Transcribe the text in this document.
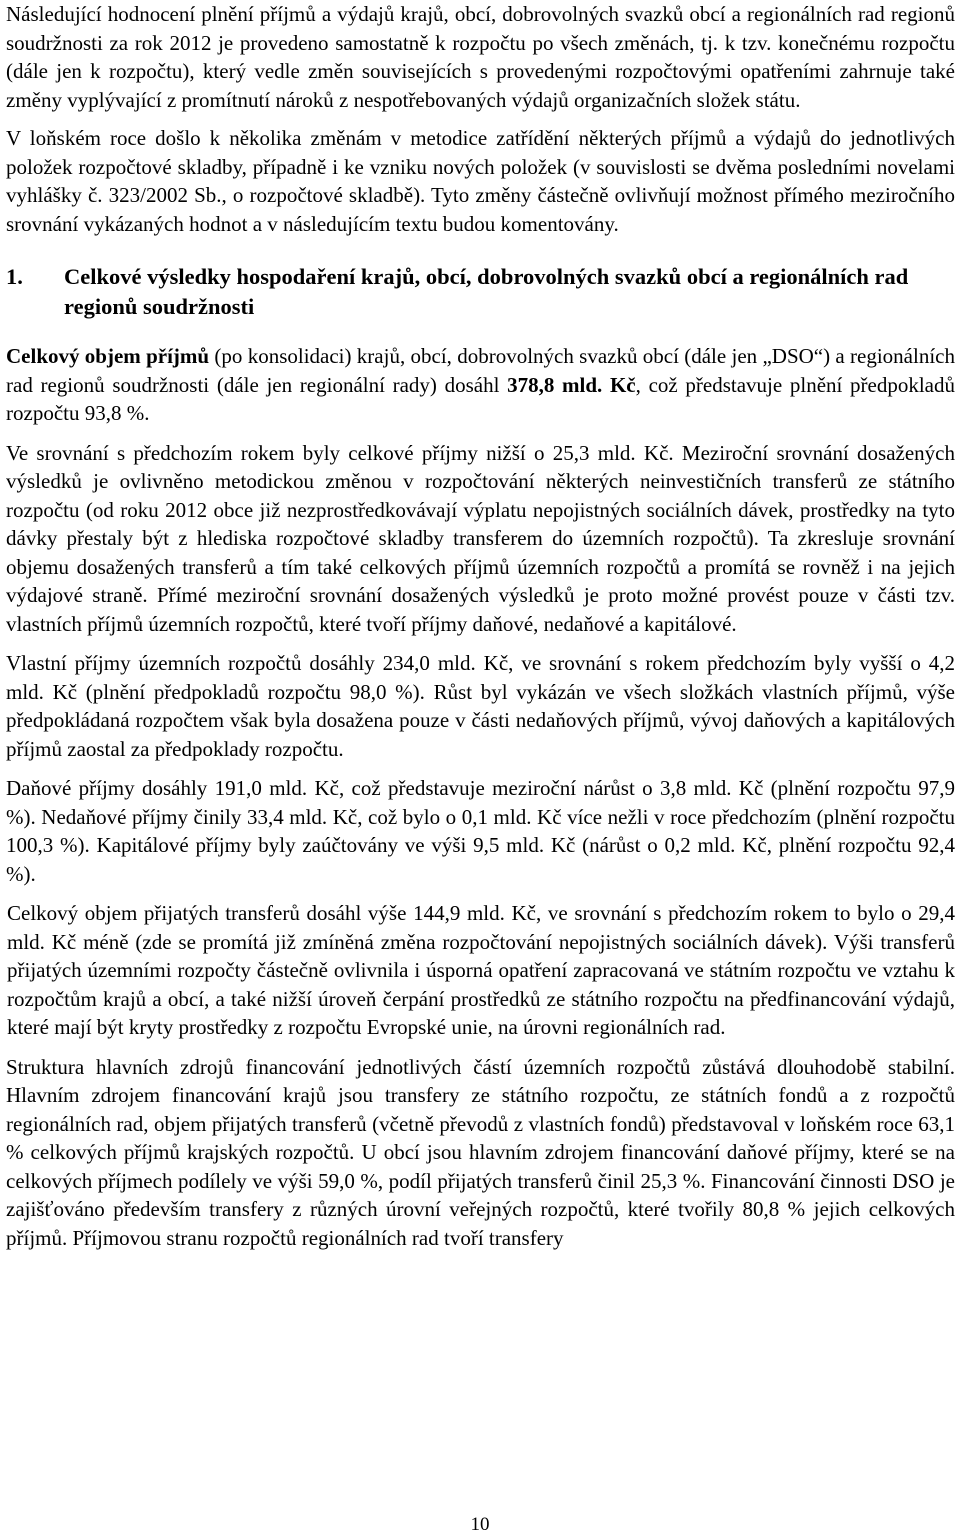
Následující hodnocení plnění příjmů a výdajů krajů, obcí, dobrovolných svazků obcí a regionálních rad regionů soudržnosti za rok 2012 je provedeno samostatně k rozpočtu po všech změnách, tj. k tzv. konečnému rozpočtu (dále jen k rozpočtu), který vedle změn souvisejících s provedenými rozpočtovými opatřeními zahrnuje také změny vyplývající z promítnutí nároků z nespotřebovaných výdajů organizačních složek státu.

V loňském roce došlo k několika změnám v metodice zatřídění některých příjmů a výdajů do jednotlivých položek rozpočtové skladby, případně i ke vzniku nových položek (v souvislosti se dvěma posledními novelami vyhlášky č. 323/2002 Sb., o rozpočtové skladbě). Tyto změny částečně ovlivňují možnost přímého meziročního srovnání vykázaných hodnot a v následujícím textu budou komentovány.

1.	Celkové výsledky hospodaření krajů, obcí, dobrovolných svazků obcí a regionálních rad regionů soudržnosti

Celkový objem příjmů (po konsolidaci) krajů, obcí, dobrovolných svazků obcí (dále jen „DSO“) a regionálních rad regionů soudržnosti (dále jen regionální rady) dosáhl 378,8 mld. Kč, což představuje plnění předpokladů rozpočtu 93,8 %.

Ve srovnání s předchozím rokem byly celkové příjmy nižší o 25,3 mld. Kč. Meziroční srovnání dosažených výsledků je ovlivněno metodickou změnou v rozpočtování některých neinvestičních transferů ze státního rozpočtu (od roku 2012 obce již nezprostředkovávají výplatu nepojistných sociálních dávek, prostředky na tyto dávky přestaly být z hlediska rozpočtové skladby transferem do územních rozpočtů). Ta zkresluje srovnání objemu dosažených transferů a tím také celkových příjmů územních rozpočtů a promítá se rovněž i na jejich výdajové straně. Přímé meziroční srovnání dosažených výsledků je proto možné provést pouze v části tzv. vlastních příjmů územních rozpočtů, které tvoří příjmy daňové, nedaňové a kapitálové.

Vlastní příjmy územních rozpočtů dosáhly 234,0 mld. Kč, ve srovnání s rokem předchozím byly vyšší o 4,2 mld. Kč (plnění předpokladů rozpočtu 98,0 %). Růst byl vykázán ve všech složkách vlastních příjmů, výše předpokládaná rozpočtem však byla dosažena pouze v části nedaňových příjmů, vývoj daňových a kapitálových příjmů zaostal za předpoklady rozpočtu.

Daňové příjmy dosáhly 191,0 mld. Kč, což představuje meziroční nárůst o 3,8 mld. Kč (plnění rozpočtu 97,9 %). Nedaňové příjmy činily 33,4 mld. Kč, což bylo o 0,1 mld. Kč více nežli v roce předchozím (plnění rozpočtu 100,3 %). Kapitálové příjmy byly zaúčtovány ve výši 9,5 mld. Kč (nárůst o 0,2 mld. Kč, plnění rozpočtu 92,4 %).

Celkový objem přijatých transferů dosáhl výše 144,9 mld. Kč, ve srovnání s předchozím rokem to bylo o 29,4 mld. Kč méně (zde se promítá již zmíněná změna rozpočtování nepojistných sociálních dávek). Výši transferů přijatých územními rozpočty částečně ovlivnila i úsporná opatření zapracovaná ve státním rozpočtu ve vztahu k rozpočtům krajů a obcí, a také nižší úroveň čerpání prostředků ze státního rozpočtu na předfinancování výdajů, které mají být kryty prostředky z rozpočtu Evropské unie, na úrovni regionálních rad.

Struktura hlavních zdrojů financování jednotlivých částí územních rozpočtů zůstává dlouhodobě stabilní. Hlavním zdrojem financování krajů jsou transfery ze státního rozpočtu, ze státních fondů a z rozpočtů regionálních rad, objem přijatých transferů (včetně převodů z vlastních fondů) představoval v loňském roce 63,1 % celkových příjmů krajských rozpočtů. U obcí jsou hlavním zdrojem financování daňové příjmy, které se na celkových příjmech podílely ve výši 59,0 %, podíl přijatých transferů činil 25,3 %. Financování činnosti DSO je zajišťováno především transfery z různých úrovní veřejných rozpočtů, které tvořily 80,8 % jejich celkových příjmů. Příjmovou stranu rozpočtů regionálních rad tvoří transfery

10
